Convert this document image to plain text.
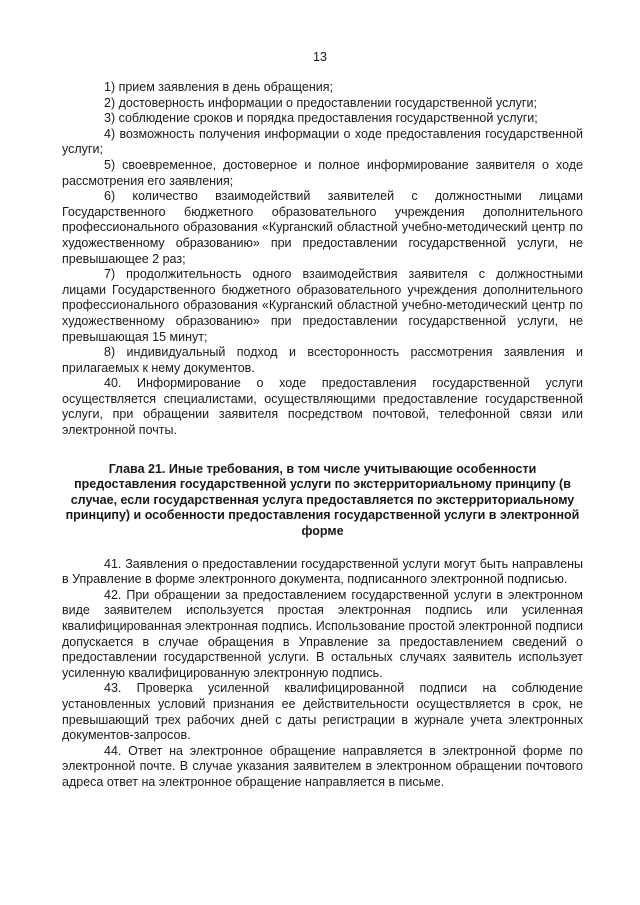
13

1) прием заявления в день обращения;

2) достоверность информации о предоставлении государственной услуги;

3) соблюдение сроков и порядка предоставления государственной услуги;

4) возможность получения информации о ходе предоставления государственной услуги;

5) своевременное, достоверное и полное информирование заявителя о ходе рассмотрения его заявления;

6) количество взаимодействий заявителей с должностными лицами Государственного бюджетного образовательного учреждения дополнительного профессионального образования «Курганский областной учебно-методический центр по художественному образованию» при предоставлении государственной услуги, не превышающее 2 раз;

7) продолжительность одного взаимодействия заявителя с должностными лицами Государственного бюджетного образовательного учреждения дополнительного профессионального образования «Курганский областной учебно-методический центр по художественному образованию» при предоставлении государственной услуги, не превышающая 15 минут;

8) индивидуальный подход и всесторонность рассмотрения заявления и прилагаемых к нему документов.

40. Информирование о ходе предоставления государственной услуги осуществляется специалистами, осуществляющими предоставление государственной услуги, при обращении заявителя посредством почтовой, телефонной связи или электронной почты.

Глава 21. Иные требования, в том числе учитывающие особенности предоставления государственной услуги по экстерриториальному принципу (в случае, если государственная услуга предоставляется по экстерриториальному принципу) и особенности предоставления государственной услуги в электронной форме

41. Заявления о предоставлении государственной услуги могут быть направлены в Управление в форме электронного документа, подписанного электронной подписью.

42. При обращении за предоставлением государственной услуги в электронном виде заявителем используется простая электронная подпись или усиленная квалифицированная электронная подпись. Использование простой электронной подписи допускается в случае обращения в Управление за предоставлением сведений о предоставлении государственной услуги. В остальных случаях заявитель использует усиленную квалифицированную электронную подпись.

43. Проверка усиленной квалифицированной подписи на соблюдение установленных условий признания ее действительности осуществляется в срок, не превышающий трех рабочих дней с даты регистрации в журнале учета электронных документов-запросов.

44. Ответ на электронное обращение направляется в электронной форме по электронной почте. В случае указания заявителем в электронном обращении почтового адреса ответ на электронное обращение направляется в письме.
